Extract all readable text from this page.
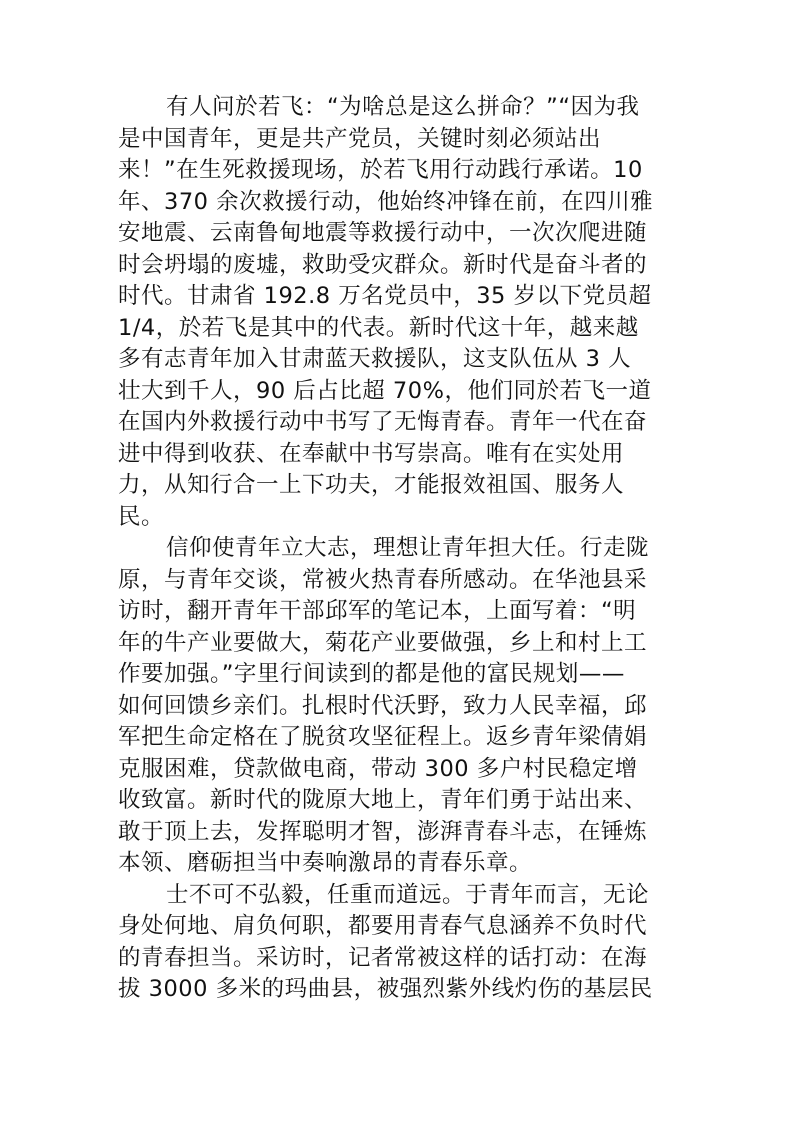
有人问於若飞：“为啥总是这么拼命？”“因为我
是中国青年，更是共产党员，关键时刻必须站出
来！”在生死救援现场，於若飞用行动践行承诺。10
年、370 余次救援行动，他始终冲锋在前，在四川雅
安地震、云南鲁甸地震等救援行动中，一次次爬进随
时会坍塌的废墟，救助受灾群众。新时代是奋斗者的
时代。甘肃省 192.8 万名党员中，35 岁以下党员超
1/4，於若飞是其中的代表。新时代这十年，越来越
多有志青年加入甘肃蓝天救援队，这支队伍从 3 人
壮大到千人，90 后占比超 70%，他们同於若飞一道
在国内外救援行动中书写了无悔青春。青年一代在奋
进中得到收获、在奉献中书写崇高。唯有在实处用
力，从知行合一上下功夫，才能报效祖国、服务人
民。
信仰使青年立大志，理想让青年担大任。行走陇
原，与青年交谈，常被火热青春所感动。在华池县采
访时，翻开青年干部邱军的笔记本，上面写着：“明
年的牛产业要做大，菊花产业要做强，乡上和村上工
作要加强。”字里行间读到的都是他的富民规划——
如何回馈乡亲们。扎根时代沃野，致力人民幸福，邱
军把生命定格在了脱贫攻坚征程上。返乡青年梁倩娟
克服困难，贷款做电商，带动 300 多户村民稳定增
收致富。新时代的陇原大地上，青年们勇于站出来、
敢于顶上去，发挥聪明才智，澎湃青春斗志，在锤炼
本领、磨砺担当中奏响激昂的青春乐章。
士不可不弘毅，任重而道远。于青年而言，无论
身处何地、肩负何职，都要用青春气息涵养不负时代
的青春担当。采访时，记者常被这样的话打动：在海
拔 3000 多米的玛曲县，被强烈紫外线灼伤的基层民
